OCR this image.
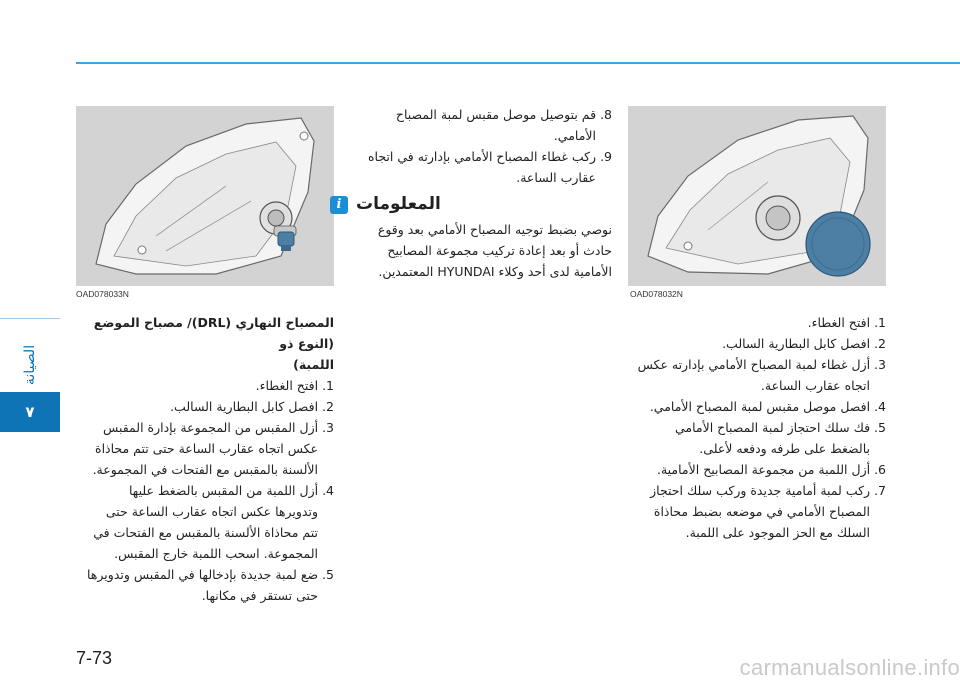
الصيانة
٧
OAD078033N	OAD078032N

8. قم بتوصيل موصل مقبس لمبة المصباح

الأمامي.

9. ركب غطاء المصباح الأمامي بإدارته في اتجاه

عقارب الساعة.

i المعلومات

نوصي بضبط توجيه المصباح الأمامي بعد وقوع

حادث أو بعد إعادة تركيب مجموعة المصابيح

الأمامية لدى أحد وكلاء HYUNDAI المعتمدين.

المصباح النهاري (DRL)/ مصباح الموضع (النوع ذو

اللمبة)

1. افتح الغطاء.

2. افصل كابل البطارية السالب.

3. أزل المقبس من المجموعة بإدارة المقبس

عكس اتجاه عقارب الساعة حتى تتم محاذاة

الألسنة بالمقبس مع الفتحات في المجموعة.

4. أزل اللمبة من المقبس بالضغط عليها

وتدويرها عكس اتجاه عقارب الساعة حتى

تتم محاذاة الألسنة بالمقبس مع الفتحات في

المجموعة. اسحب اللمبة خارج المقبس.

5. ضع لمبة جديدة بإدخالها في المقبس وتدويرها

حتى تستقر في مكانها.

1. افتح الغطاء.

2. افصل كابل البطارية السالب.

3. أزل غطاء لمبة المصباح الأمامي بإدارته عكس

اتجاه عقارب الساعة.

4. افصل موصل مقبس لمبة المصباح الأمامي.

5. فك سلك احتجاز لمبة المصباح الأمامي

بالضغط على طرفه ودفعه لأعلى.

6. أزل اللمبة من مجموعة المصابيح الأمامية.

7. ركب لمبة أمامية جديدة وركب سلك احتجاز

المصباح الأمامي في موضعه بضبط محاذاة

السلك مع الحز الموجود على اللمبة.

7-73	carmanualsonline.info
